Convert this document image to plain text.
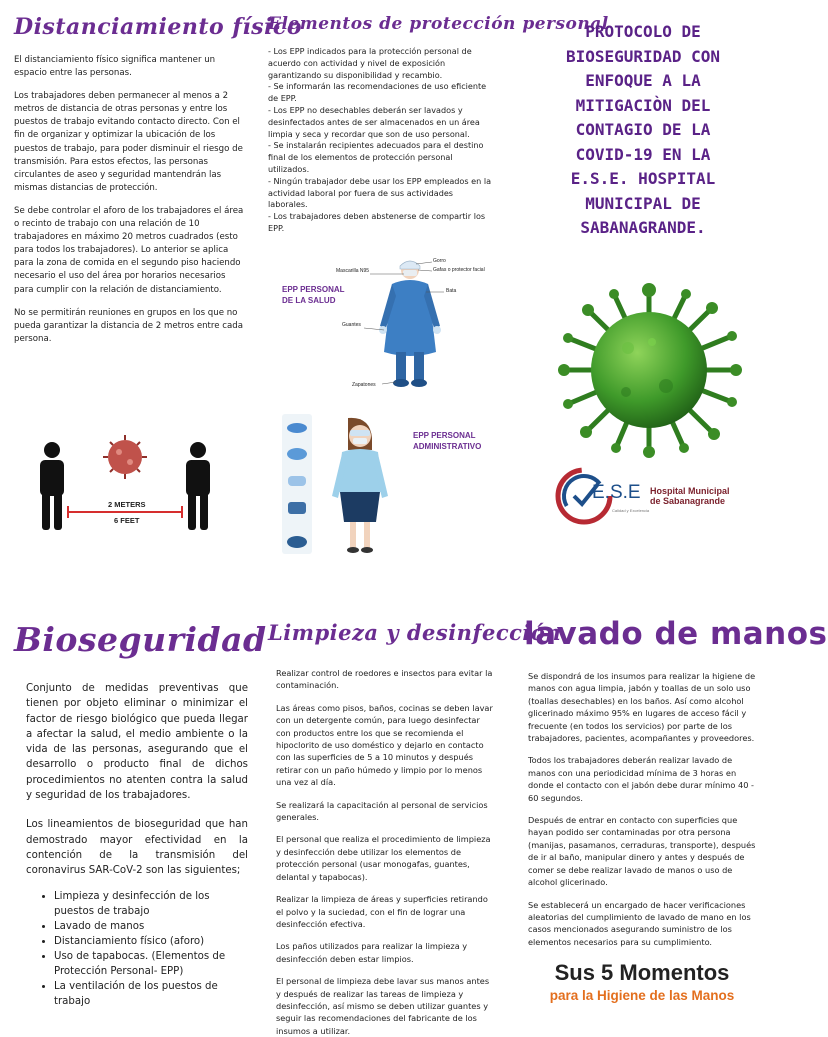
Distanciamiento físico

El distanciamiento físico significa mantener un espacio entre las personas.

Los trabajadores deben permanecer al menos a 2 metros de distancia de otras personas y entre los puestos de trabajo evitando contacto directo. Con el fin de organizar y optimizar la ubicación de los puestos de trabajo, para poder disminuir el riesgo de transmisión. Para estos efectos, las personas circulantes de aseo y seguridad mantendrán las mismas distancias de protección.

Se debe controlar el aforo de los trabajadores el área o recinto de trabajo con una relación de 10 trabajadores en máximo 20 metros cuadrados (esto para todos los trabajadores). Lo anterior se aplica para la zona de comida en el segundo piso haciendo necesario el uso del área por horarios necesarios para cumplir con la relación de distanciamiento.

No se permitirán reuniones en grupos en los que no pueda garantizar la distancia de 2 metros entre cada persona.

2 METERS
6 FEET
Elementos de protección personal

- Los EPP indicados para la protección personal de acuerdo con actividad y nivel de exposición garantizando su disponibilidad y recambio.
- Se informarán las recomendaciones de uso eficiente de EPP.
- Los EPP no desechables deberán ser lavados y desinfectados antes de ser almacenados en un área limpia y seca y recordar que son de uso personal.
- Se instalarán recipientes adecuados para el destino final de los elementos de protección personal utilizados.
- Ningún trabajador debe usar los EPP empleados en la actividad laboral por fuera de sus actividades laborales.
- Los trabajadores deben abstenerse de compartir los EPP.

Gorro
Gafas o protector facial
Mascarilla N95
Bata
Guantes
Zapatones
EPP PERSONAL
DE LA SALUD
EPP PERSONAL
ADMINISTRATIVO
PROTOCOLO DE
BIOSEGURIDAD CON
ENFOQUE A LA
MITIGACIÒN DEL
CONTAGIO DE LA
COVID-19 EN LA
E.S.E. HOSPITAL
MUNICIPAL DE
SABANAGRANDE.
E.S.E Hospital Municipal
de Sabanagrande
Calidad y Excelencia
Bioseguridad

Conjunto de medidas preventivas que tienen por objeto eliminar o minimizar el factor de riesgo biológico que pueda llegar a afectar la salud, el medio ambiente o la vida de las personas, asegurando que el desarrollo o producto final de dichos procedimientos no atenten contra la salud y seguridad de los trabajadores.

Los lineamientos de bioseguridad que han demostrado mayor efectividad en la contención de la transmisión del coronavirus SAR-CoV-2 son las siguientes;

• Limpieza y desinfección de los puestos de trabajo
• Lavado de manos
• Distanciamiento físico (aforo)
• Uso de tapabocas. (Elementos de Protección Personal- EPP)
• La ventilación de los puestos de trabajo
Limpieza y desinfección

Realizar control de roedores e insectos para evitar la contaminación.

Las áreas como pisos, baños, cocinas se deben lavar con un detergente común, para luego desinfectar con productos entre los que se recomienda el hipoclorito de uso doméstico y dejarlo en contacto con las superficies de 5 a 10 minutos y después retirar con un paño húmedo y limpio por lo menos una vez al día.

Se realizará la capacitación al personal de servicios generales.

El personal que realiza el procedimiento de limpieza y desinfección debe utilizar los elementos de protección personal (usar monogafas, guantes, delantal y tapabocas).

Realizar la limpieza de áreas y superficies retirando el polvo y la suciedad, con el fin de lograr una desinfección efectiva.

Los paños utilizados para realizar la limpieza y desinfección deben estar limpios.

El personal de limpieza debe lavar sus manos antes y después de realizar las tareas de limpieza y desinfección, así mismo se deben utilizar guantes y seguir las recomendaciones del fabricante de los insumos a utilizar.

lavado de manos

Se dispondrá de los insumos para realizar la higiene de manos con agua limpia, jabón y toallas de un solo uso (toallas desechables) en los baños. Así como alcohol glicerinado máximo 95% en lugares de acceso fácil y frecuente (en todos los servicios) por parte de los trabajadores, pacientes, acompañantes y proveedores.

Todos los trabajadores deberán realizar lavado de manos con una periodicidad mínima de 3 horas en donde el contacto con el jabón debe durar mínimo 40 - 60 segundos.

Después de entrar en contacto con superficies que hayan podido ser contaminadas por otra persona (manijas, pasamanos, cerraduras, transporte), después de ir al baño, manipular dinero y antes y después de comer se debe realizar lavado de manos o uso de alcohol glicerinado.

Se establecerá un encargado de hacer verificaciones aleatorias del cumplimiento de lavado de mano en los casos mencionados asegurando suministro de los elementos necesarios para su cumplimiento.

Sus 5 Momentos
para la Higiene de las Manos
